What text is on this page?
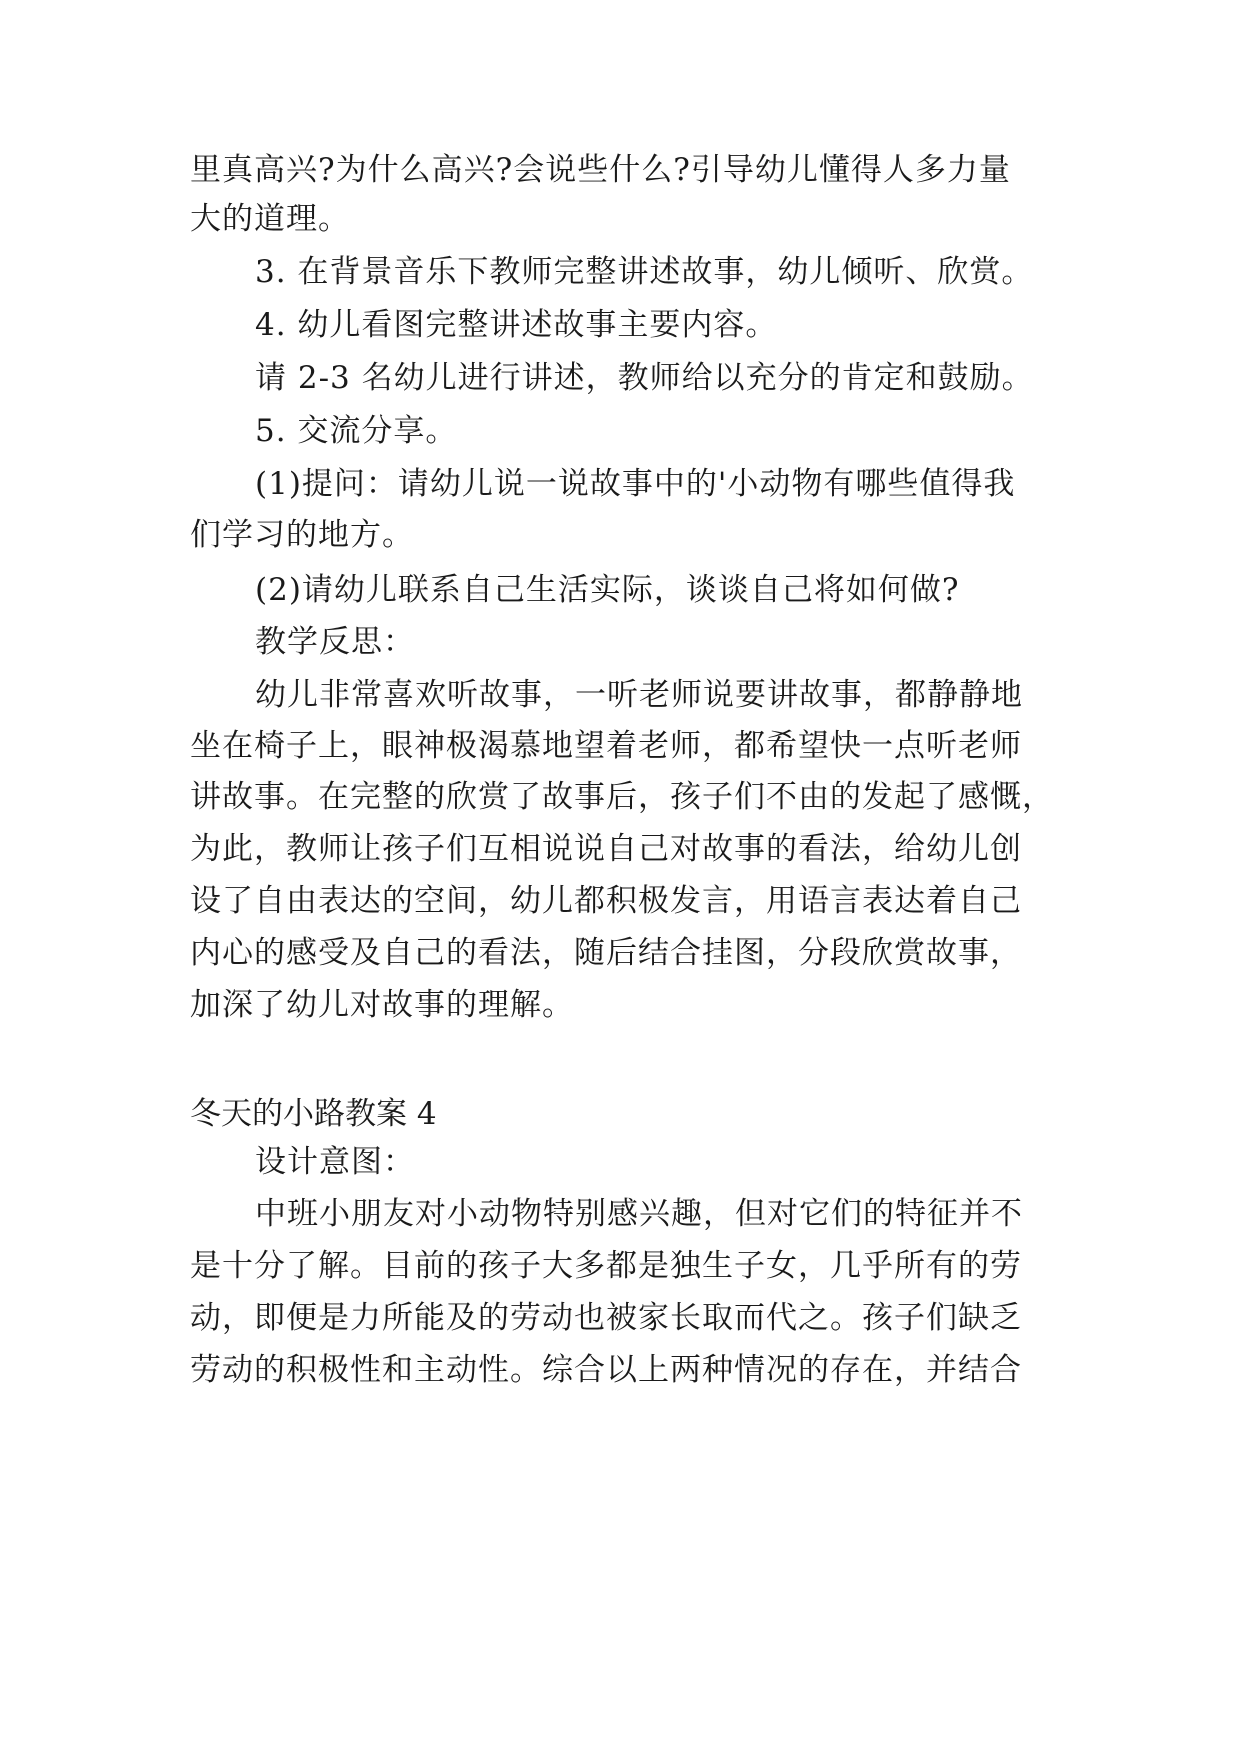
里真高兴?为什么高兴?会说些什么?引导幼儿懂得人多力量
大的道理。
3. 在背景音乐下教师完整讲述故事，幼儿倾听、欣赏。
4. 幼儿看图完整讲述故事主要内容。
请 2-3 名幼儿进行讲述，教师给以充分的肯定和鼓励。
5. 交流分享。
(1)提问：请幼儿说一说故事中的'小动物有哪些值得我
们学习的地方。
(2)请幼儿联系自己生活实际，谈谈自己将如何做?
教学反思：
幼儿非常喜欢听故事，一听老师说要讲故事，都静静地
坐在椅子上，眼神极渴慕地望着老师，都希望快一点听老师
讲故事。在完整的欣赏了故事后，孩子们不由的发起了感慨，
为此，教师让孩子们互相说说自己对故事的看法，给幼儿创
设了自由表达的空间，幼儿都积极发言，用语言表达着自己
内心的感受及自己的看法，随后结合挂图，分段欣赏故事，
加深了幼儿对故事的理解。
冬天的小路教案 4
设计意图：
中班小朋友对小动物特别感兴趣，但对它们的特征并不
是十分了解。目前的孩子大多都是独生子女，几乎所有的劳
动，即便是力所能及的劳动也被家长取而代之。孩子们缺乏
劳动的积极性和主动性。综合以上两种情况的存在，并结合
